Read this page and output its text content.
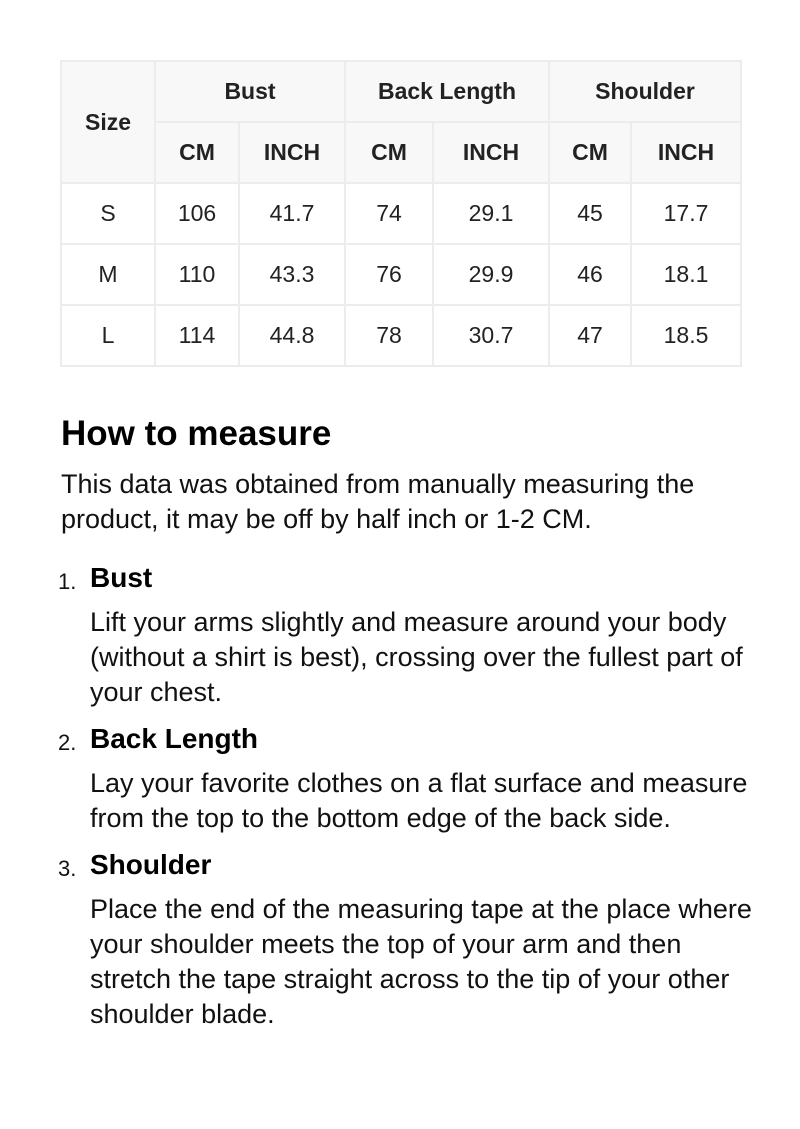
Size	Bust		Back Length		Shoulder	
	CM	INCH	CM	INCH	CM	INCH
S	106	41.7	74	29.1	45	17.7
M	110	43.3	76	29.9	46	18.1
L	114	44.8	78	30.7	47	18.5
How to measure

This data was obtained from manually measuring the product, it may be off by half inch or 1-2 CM.

1. Bust

Lift your arms slightly and measure around your body (without a shirt is best), crossing over the fullest part of your chest.

2. Back Length

Lay your favorite clothes on a flat surface and measure from the top to the bottom edge of the back side.

3. Shoulder

Place the end of the measuring tape at the place where your shoulder meets the top of your arm and then stretch the tape straight across to the tip of your other shoulder blade.
